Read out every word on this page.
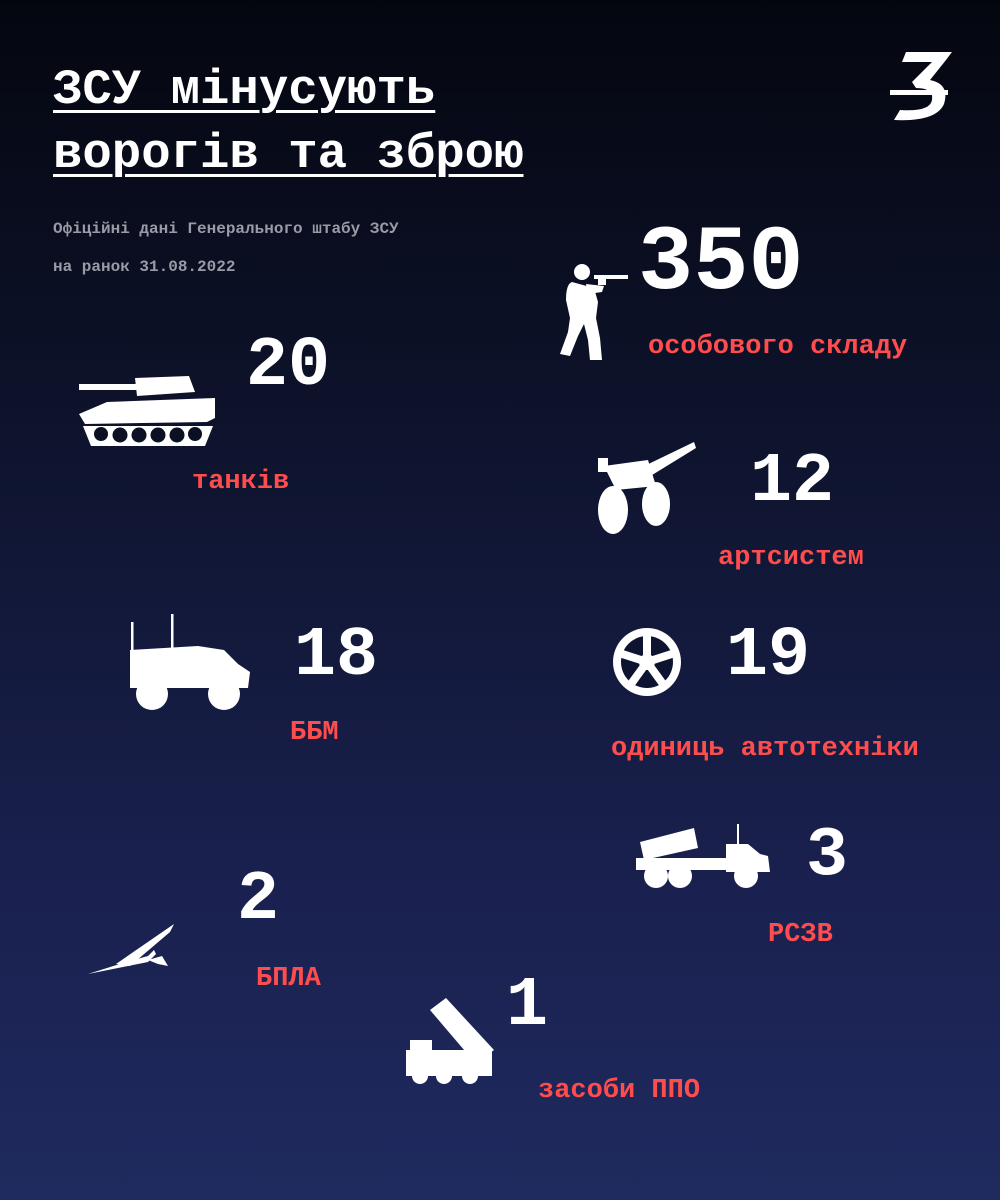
ЗСУ мінусують
ворогів та зброю
Офіційні дані Генерального штабу ЗСУ
на ранок 31.08.2022	350
особового складу
20
танків	12
артсистем
18
ББМ
19
одиниць автотехніки
3
РСЗВ
2
БПЛА	1
засоби ППО
